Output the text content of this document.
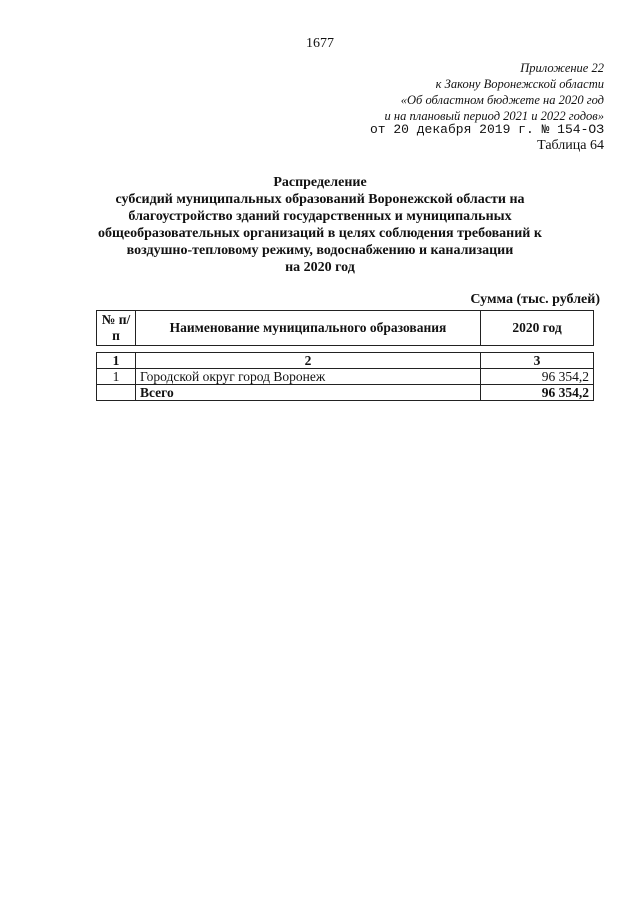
1677
Приложение 22
к Закону Воронежской области
«Об областном бюджете на 2020 год
и на плановый период 2021 и 2022 годов»
от 20 декабря 2019 г. № 154-ОЗ
Таблица 64
Распределение
субсидий муниципальных образований Воронежской области на
благоустройство зданий государственных и муниципальных
общеобразовательных организаций в целях соблюдения требований к
воздушно-тепловому режиму, водоснабжению и канализации
на 2020 год
Сумма (тыс. рублей)
№ п/п	Наименование муниципального образования	2020 год
1	2	3
1	Городской округ город Воронеж	96 354,2
	Всего	96 354,2
